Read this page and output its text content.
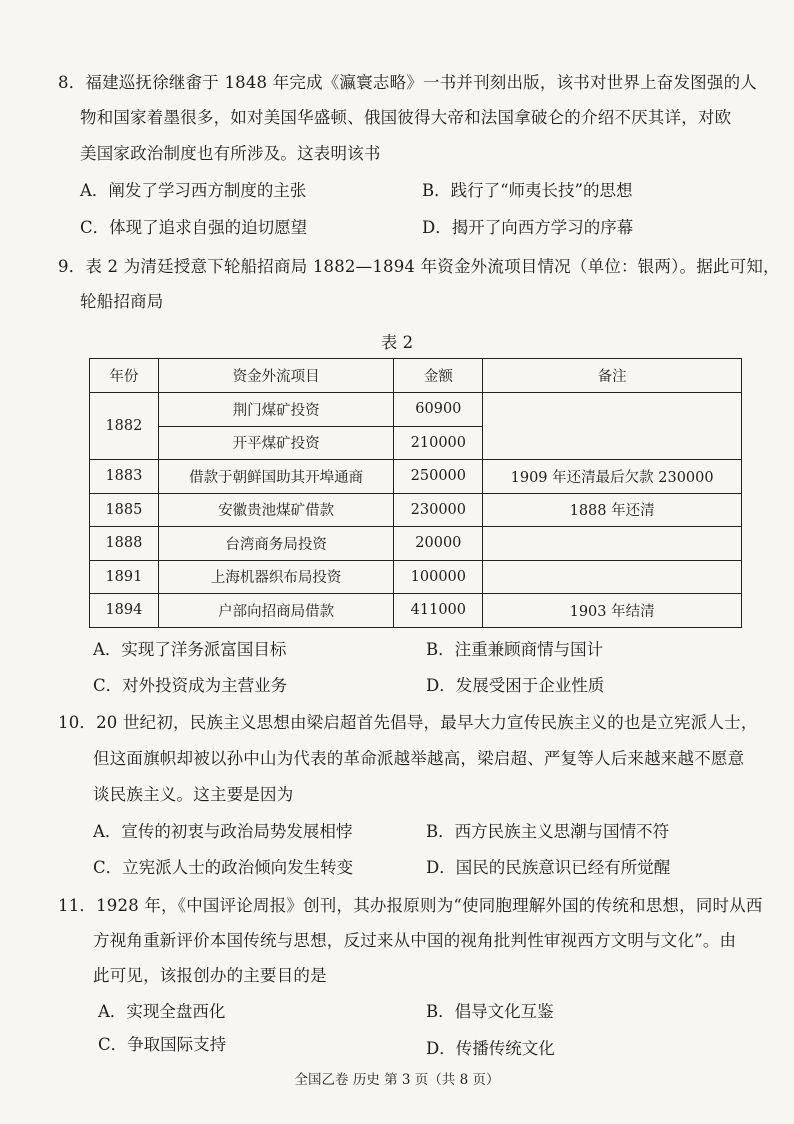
8．福建巡抚徐继畬于 1848 年完成《瀛寰志略》一书并刊刻出版，该书对世界上奋发图强的人
物和国家着墨很多，如对美国华盛顿、俄国彼得大帝和法国拿破仑的介绍不厌其详，对欧
美国家政治制度也有所涉及。这表明该书
A．阐发了学习西方制度的主张	B．践行了“师夷长技”的思想
C．体现了追求自强的迫切愿望	D．揭开了向西方学习的序幕
9．表 2 为清廷授意下轮船招商局 1882—1894 年资金外流项目情况（单位：银两）。据此可知，
轮船招商局
表 2
年份	资金外流项目	金额	备注
1882	荆门煤矿投资	60900	
	开平煤矿投资	210000	
1883	借款于朝鲜国助其开埠通商	250000	1909 年还清最后欠款 230000
1885	安徽贵池煤矿借款	230000	1888 年还清
1888	台湾商务局投资	20000	
1891	上海机器织布局投资	100000	
1894	户部向招商局借款	411000	1903 年结清
A．实现了洋务派富国目标	B．注重兼顾商情与国计
C．对外投资成为主营业务	D．发展受困于企业性质
10．20 世纪初，民族主义思想由梁启超首先倡导，最早大力宣传民族主义的也是立宪派人士，
但这面旗帜却被以孙中山为代表的革命派越举越高，梁启超、严复等人后来越来越不愿意
谈民族主义。这主要是因为
A．宣传的初衷与政治局势发展相悖	B．西方民族主义思潮与国情不符
C．立宪派人士的政治倾向发生转变	D．国民的民族意识已经有所觉醒
11．1928 年，《中国评论周报》创刊，其办报原则为“使同胞理解外国的传统和思想，同时从西
方视角重新评价本国传统与思想，反过来从中国的视角批判性审视西方文明与文化”。由
此可见，该报创办的主要目的是
A．实现全盘西化	B．倡导文化互鉴
C．争取国际支持	D．传播传统文化
全国乙卷 历史 第 3 页（共 8 页）
